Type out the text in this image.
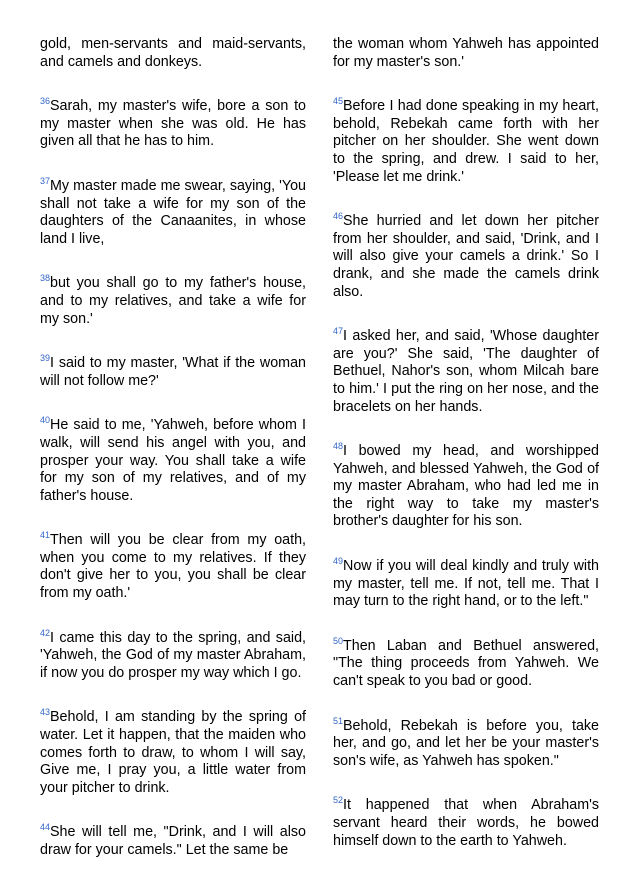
gold, men-servants and maid-servants, and camels and donkeys.

$^{36}$Sarah, my master's wife, bore a son to my master when she was old. He has given all that he has to him.

$^{37}$My master made me swear, saying, 'You shall not take a wife for my son of the daughters of the Canaanites, in whose land I live,

$^{38}$but you shall go to my father's house, and to my relatives, and take a wife for my son.'

$^{39}$I said to my master, 'What if the woman will not follow me?'

$^{40}$He said to me, 'Yahweh, before whom I walk, will send his angel with you, and prosper your way. You shall take a wife for my son of my relatives, and of my father's house.

$^{41}$Then will you be clear from my oath, when you come to my relatives. If they don't give her to you, you shall be clear from my oath.'

$^{42}$I came this day to the spring, and said, 'Yahweh, the God of my master Abraham, if now you do prosper my way which I go.

$^{43}$Behold, I am standing by the spring of water. Let it happen, that the maiden who comes forth to draw, to whom I will say, Give me, I pray you, a little water from your pitcher to drink.

$^{44}$She will tell me, "Drink, and I will also draw for your camels." Let the same be

the woman whom Yahweh has appointed for my master's son.'

$^{45}$Before I had done speaking in my heart, behold, Rebekah came forth with her pitcher on her shoulder. She went down to the spring, and drew. I said to her, 'Please let me drink.'

$^{46}$She hurried and let down her pitcher from her shoulder, and said, 'Drink, and I will also give your camels a drink.' So I drank, and she made the camels drink also.

$^{47}$I asked her, and said, 'Whose daughter are you?' She said, 'The daughter of Bethuel, Nahor's son, whom Milcah bare to him.' I put the ring on her nose, and the bracelets on her hands.

$^{48}$I bowed my head, and worshipped Yahweh, and blessed Yahweh, the God of my master Abraham, who had led me in the right way to take my master's brother's daughter for his son.

$^{49}$Now if you will deal kindly and truly with my master, tell me. If not, tell me. That I may turn to the right hand, or to the left."

$^{50}$Then Laban and Bethuel answered, "The thing proceeds from Yahweh. We can't speak to you bad or good.

$^{51}$Behold, Rebekah is before you, take her, and go, and let her be your master's son's wife, as Yahweh has spoken."

$^{52}$It happened that when Abraham's servant heard their words, he bowed himself down to the earth to Yahweh.
